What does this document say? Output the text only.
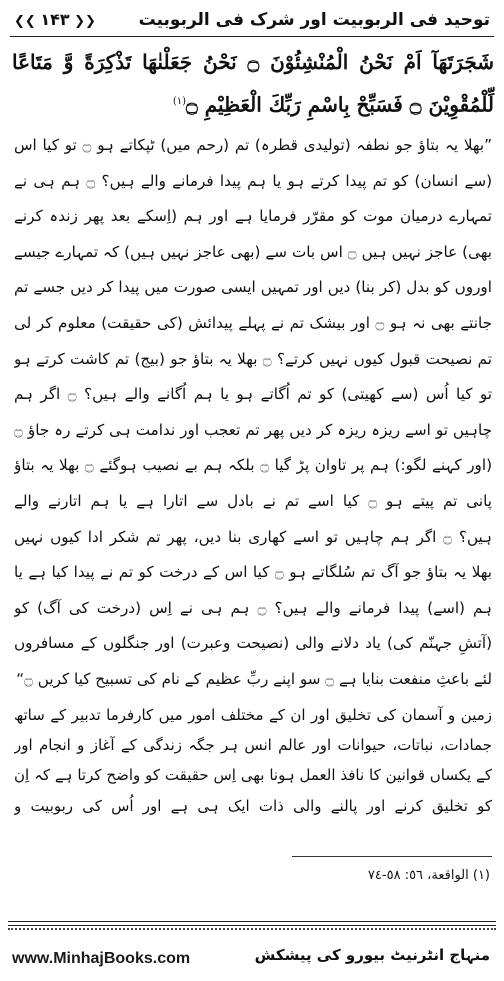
توحید فی الربوبیت اور شرک فی الربوبیت
❮❮ ١۴٣ ❯❯
شَجَرَتَهَآ اَمْ نَحْنُ الْمُنْشِئُوْنَ ۝ نَحْنُ جَعَلْنٰهَا تَذْكِرَةً وَّ مَتَاعًا لِّلْمُقْوِيْنَ ۝ فَسَبِّحْ بِاسْمِ رَبِّكَ الْعَظِيْمِ ۝$^{(١)}$
”بھلا یہ بتاؤ جو نطفہ (تولیدی قطرہ) تم (رحم میں) ٹپکاتے ہو ۝ تو کیا اس
(سے انسان) کو تم پیدا کرتے ہو یا ہم پیدا فرمانے والے ہیں؟ ۝ ہم ہی نے
تمہارے درمیان موت کو مقرّر فرمایا ہے اور ہم (اِسکے بعد پھر زندہ کرنے
بھی) عاجز نہیں ہیں ۝ اس بات سے (بھی عاجز نہیں ہیں) کہ تمہارے جیسے
اوروں کو بدل (کر بنا) دیں اور تمہیں ایسی صورت میں پیدا کر دیں جسے تم
جانتے بھی نہ ہو ۝ اور بیشک تم نے پہلے پیدائش (کی حقیقت) معلوم کر لی
تم نصیحت قبول کیوں نہیں کرتے؟ ۝ بھلا یہ بتاؤ جو (بیج) تم کاشت کرتے ہو
تو کیا اُس (سے کھیتی) کو تم اُگاتے ہو یا ہم اُگانے والے ہیں؟ ۝ اگر ہم
چاہیں تو اسے ریزہ ریزہ کر دیں پھر تم تعجب اور ندامت ہی کرتے رہ جاؤ ۝
(اور کہنے لگو:) ہم پر تاوان پڑ گیا ۝ بلکہ ہم بے نصیب ہوگئے ۝ بھلا یہ بتاؤ
پانی تم پیتے ہو ۝ کیا اسے تم نے بادل سے اتارا ہے یا ہم اتارنے والے
ہیں؟ ۝ اگر ہم چاہیں تو اسے کھاری بنا دیں، پھر تم شکر ادا کیوں نہیں
بھلا یہ بتاؤ جو آگ تم سُلگاتے ہو ۝ کیا اس کے درخت کو تم نے پیدا کیا ہے یا
ہم (اسے) پیدا فرمانے والے ہیں؟ ۝ ہم ہی نے اِس (درخت کی آگ) کو
(آتشِ جہنّم کی) یاد دلانے والی (نصیحت وعبرت) اور جنگلوں کے مسافروں
لئے باعثِ منفعت بنایا ہے ۝ سو اپنے ربِّ عظیم کے نام کی تسبیح کیا کریں ۝“
زمین و آسمان کی تخلیق اور ان کے مختلف امور میں کارفرما تدبیر کے ساتھ
جمادات، نباتات، حیوانات اور عالم انس ہر جگہ زندگی کے آغاز و انجام اور
کے یکساں قوانین کا نافذ العمل ہونا بھی اِس حقیقت کو واضح کرتا ہے کہ اِن
کو تخلیق کرنے اور پالنے والی ذات ایک ہی ہے اور اُس کی ربوبیت و
(١) الواقعة، ٥٦: ٥٨-٧٤
www.MinhajBooks.com	منہاج انٹرنیٹ بیورو کی پیشکش
